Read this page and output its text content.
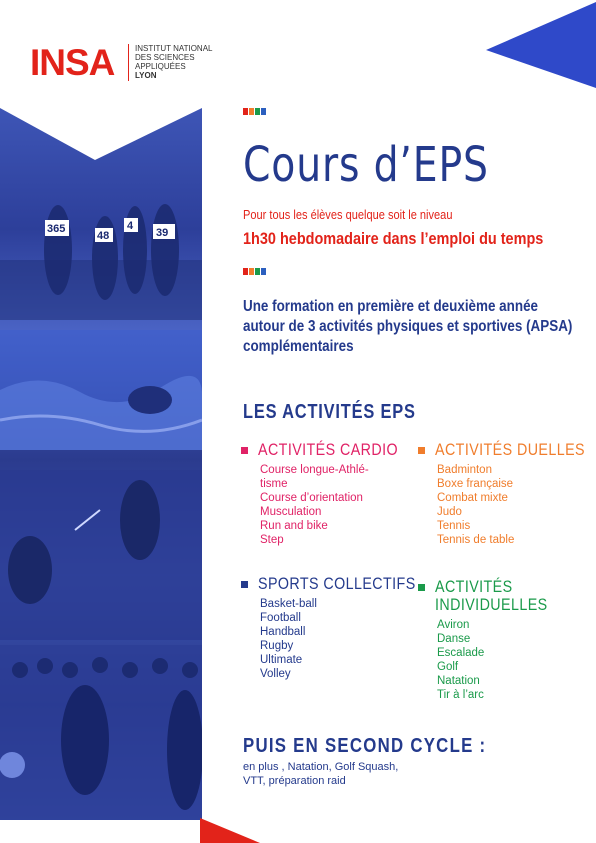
INSA	INSTITUT NATIONAL
DES SCIENCES
APPLIQUÉES
LYON
365
48
4
39
Cours d’EPS
Pour tous les élèves quelque soit le niveau
1h30 hebdomadaire dans l’emploi du temps
Une formation en première et deuxième année autour de 3 activités physiques et sportives (APSA) complémentaires
LES ACTIVITÉS EPS
ACTIVITÉS CARDIO
Course longue-Athlé-
tisme
Course d’orientation
Musculation
Run and bike
Step
ACTIVITÉS DUELLES
Badminton
Boxe française
Combat mixte
Judo
Tennis
Tennis de table
SPORTS COLLECTIFS
Basket-ball
Football
Handball
Rugby
Ultimate
Volley
ACTIVITÉS
INDIVIDUELLES
Aviron
Danse
Escalade
Golf
Natation
Tir à l’arc
PUIS EN SECOND CYCLE :
en plus , Natation, Golf Squash,
VTT, préparation raid
